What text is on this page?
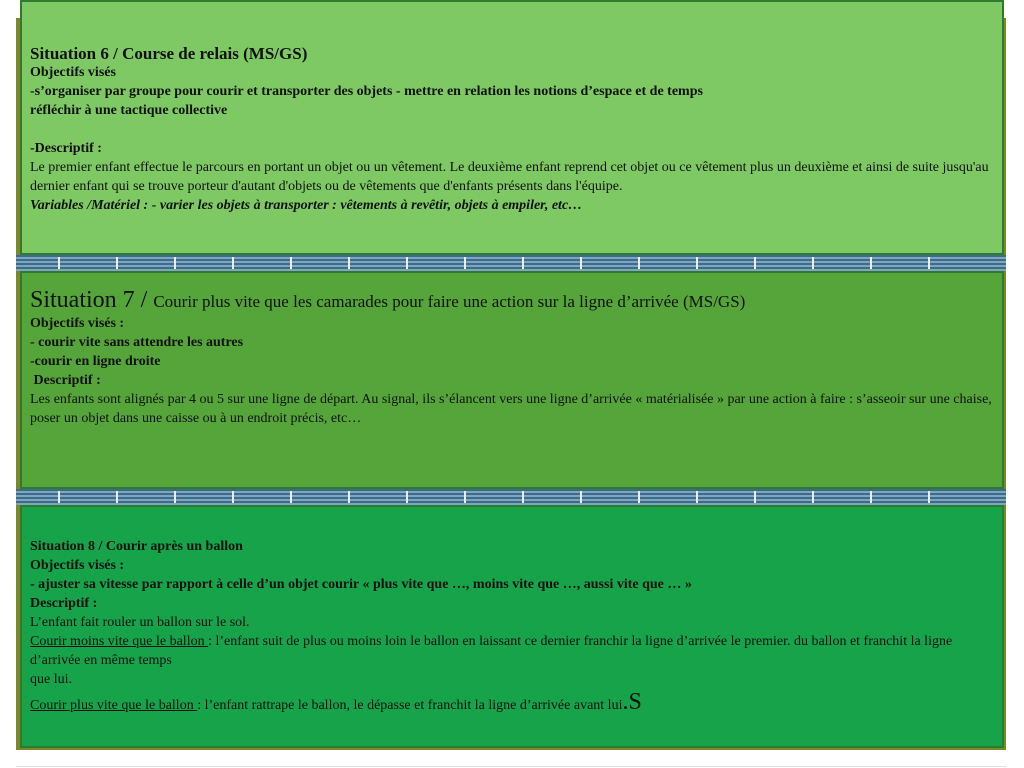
Situation 6 / Course de relais (MS/GS)

Objectifs visés

-s’organiser par groupe pour courir et transporter des objets - mettre en relation les notions d’espace et de temps

réfléchir à une tactique collective

-Descriptif :

Le premier enfant effectue le parcours en portant un objet ou un vêtement. Le deuxième enfant reprend cet objet ou ce vêtement plus un deuxième et ainsi de suite jusqu'au dernier enfant qui se trouve porteur d'autant d'objets ou de vêtements que d'enfants présents dans l'équipe.

Variables /Matériel : - varier les objets à transporter : vêtements à revêtir, objets à empiler, etc…

Situation 7 / Courir plus vite que les camarades pour faire une action sur la ligne d’arrivée (MS/GS)

Objectifs visés :

- courir vite sans attendre les autres

-courir en ligne droite

Descriptif :

Les enfants sont alignés par 4 ou 5 sur une ligne de départ. Au signal, ils s’élancent vers une ligne d’arrivée « matérialisée » par une action à faire : s’asseoir sur une chaise, poser un objet dans une caisse ou à un endroit précis, etc…

Situation 8 / Courir après un ballon

Objectifs visés :

- ajuster sa vitesse par rapport à celle d’un objet courir « plus vite que …, moins vite que …, aussi vite que … »

Descriptif :

L’enfant fait rouler un ballon sur le sol.

Courir moins vite que le ballon : l’enfant suit de plus ou moins loin le ballon en laissant ce dernier franchir la ligne d’arrivée le premier. du ballon et franchit la ligne d’arrivée en même temps

que lui.

Courir plus vite que le ballon : l’enfant rattrape le ballon, le dépasse et franchit la ligne d’arrivée avant lui.S
